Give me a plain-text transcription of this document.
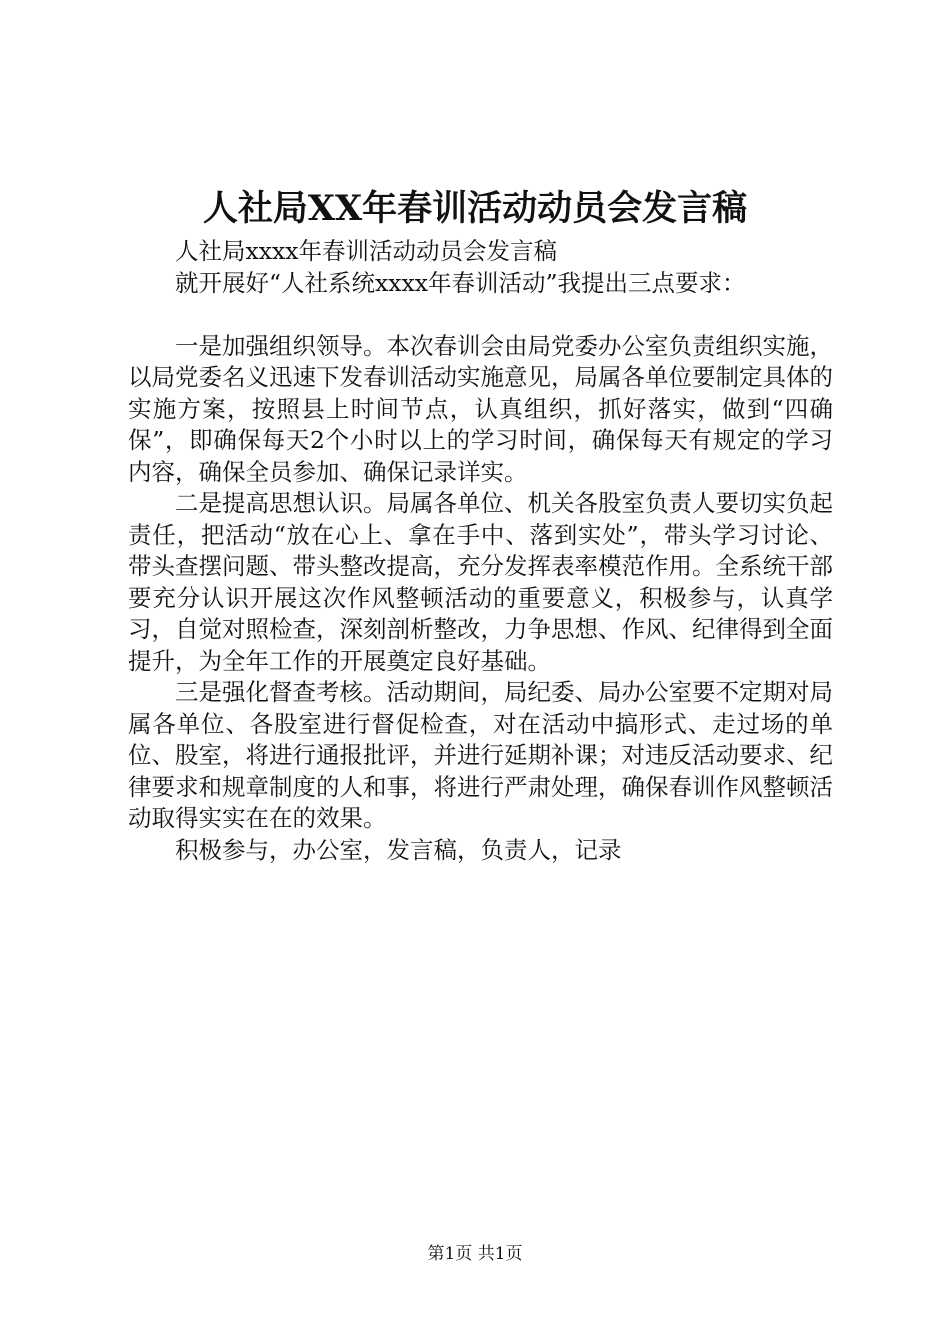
人社局XX年春训活动动员会发言稿

人社局xxxx年春训活动动员会发言稿

就开展好“人社系统xxxx年春训活动”我提出三点要求：

一是加强组织领导。本次春训会由局党委办公室负责组织实施，以局党委名义迅速下发春训活动实施意见，局属各单位要制定具体的实施方案，按照县上时间节点，认真组织，抓好落实，做到“四确保”，即确保每天2个小时以上的学习时间，确保每天有规定的学习内容，确保全员参加、确保记录详实。

二是提高思想认识。局属各单位、机关各股室负责人要切实负起责任，把活动“放在心上、拿在手中、落到实处”，带头学习讨论、带头查摆问题、带头整改提高，充分发挥表率模范作用。全系统干部要充分认识开展这次作风整顿活动的重要意义，积极参与，认真学习，自觉对照检查，深刻剖析整改，力争思想、作风、纪律得到全面提升，为全年工作的开展奠定良好基础。

三是强化督查考核。活动期间，局纪委、局办公室要不定期对局属各单位、各股室进行督促检查，对在活动中搞形式、走过场的单位、股室，将进行通报批评，并进行延期补课；对违反活动要求、纪律要求和规章制度的人和事，将进行严肃处理，确保春训作风整顿活动取得实实在在的效果。

积极参与，办公室，发言稿，负责人，记录

第1页 共1页
